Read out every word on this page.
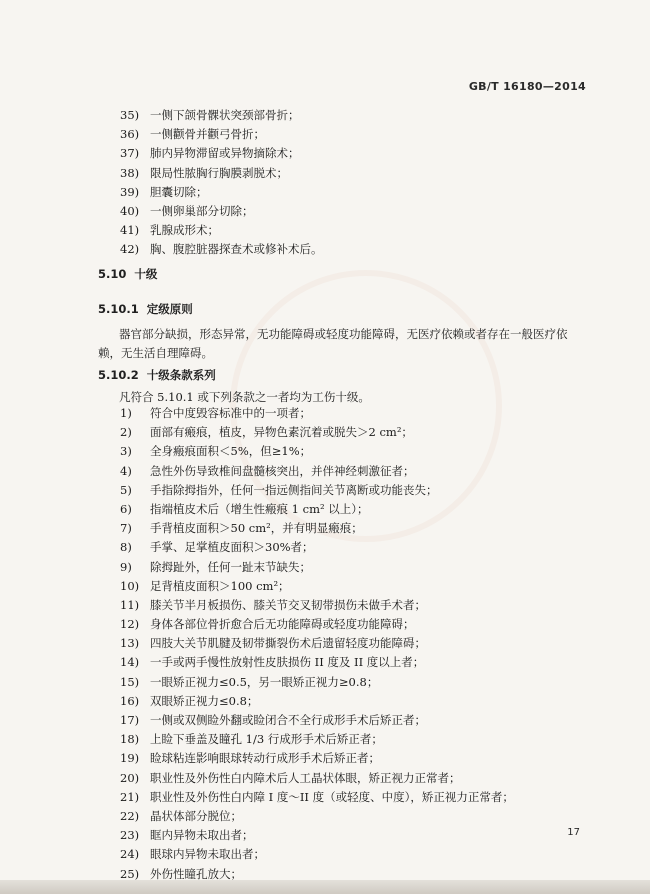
GB/T 16180—2014
35) 一侧下颌骨髁状突颈部骨折；
36) 一侧颧骨并颧弓骨折；
37) 肺内异物滞留或异物摘除术；
38) 限局性脓胸行胸膜剥脱术；
39) 胆囊切除；
40) 一侧卵巢部分切除；
41) 乳腺成形术；
42) 胸、腹腔脏器探查术或修补术后。
5.10 十级
5.10.1 定级原则

器官部分缺损，形态异常，无功能障碍或轻度功能障碍，无医疗依赖或者存在一般医疗依赖，无生活自理障碍。

5.10.2 十级条款系列

凡符合 5.10.1 或下列条款之一者均为工伤十级。

1) 符合中度毁容标准中的一项者；
2) 面部有瘢痕，植皮，异物色素沉着或脱失＞2 cm²；
3) 全身瘢痕面积＜5%，但≥1%；
4) 急性外伤导致椎间盘髓核突出，并伴神经刺激征者；
5) 手指除拇指外，任何一指远侧指间关节离断或功能丧失；
6) 指端植皮术后（增生性瘢痕 1 cm² 以上）；
7) 手背植皮面积＞50 cm²，并有明显瘢痕；
8) 手掌、足掌植皮面积＞30%者；
9) 除拇趾外，任何一趾末节缺失；
10) 足背植皮面积＞100 cm²；
11) 膝关节半月板损伤、膝关节交叉韧带损伤未做手术者；
12) 身体各部位骨折愈合后无功能障碍或轻度功能障碍；
13) 四肢大关节肌腱及韧带撕裂伤术后遗留轻度功能障碍；
14) 一手或两手慢性放射性皮肤损伤 II 度及 II 度以上者；
15) 一眼矫正视力≤0.5，另一眼矫正视力≥0.8；
16) 双眼矫正视力≤0.8；
17) 一侧或双侧睑外翻或睑闭合不全行成形手术后矫正者；
18) 上睑下垂盖及瞳孔 1/3 行成形手术后矫正者；
19) 睑球粘连影响眼球转动行成形手术后矫正者；
20) 职业性及外伤性白内障术后人工晶状体眼，矫正视力正常者；
21) 职业性及外伤性白内障 I 度～II 度（或轻度、中度），矫正视力正常者；
22) 晶状体部分脱位；
23) 眶内异物未取出者；
24) 眼球内异物未取出者；
25) 外伤性瞳孔放大；
17
